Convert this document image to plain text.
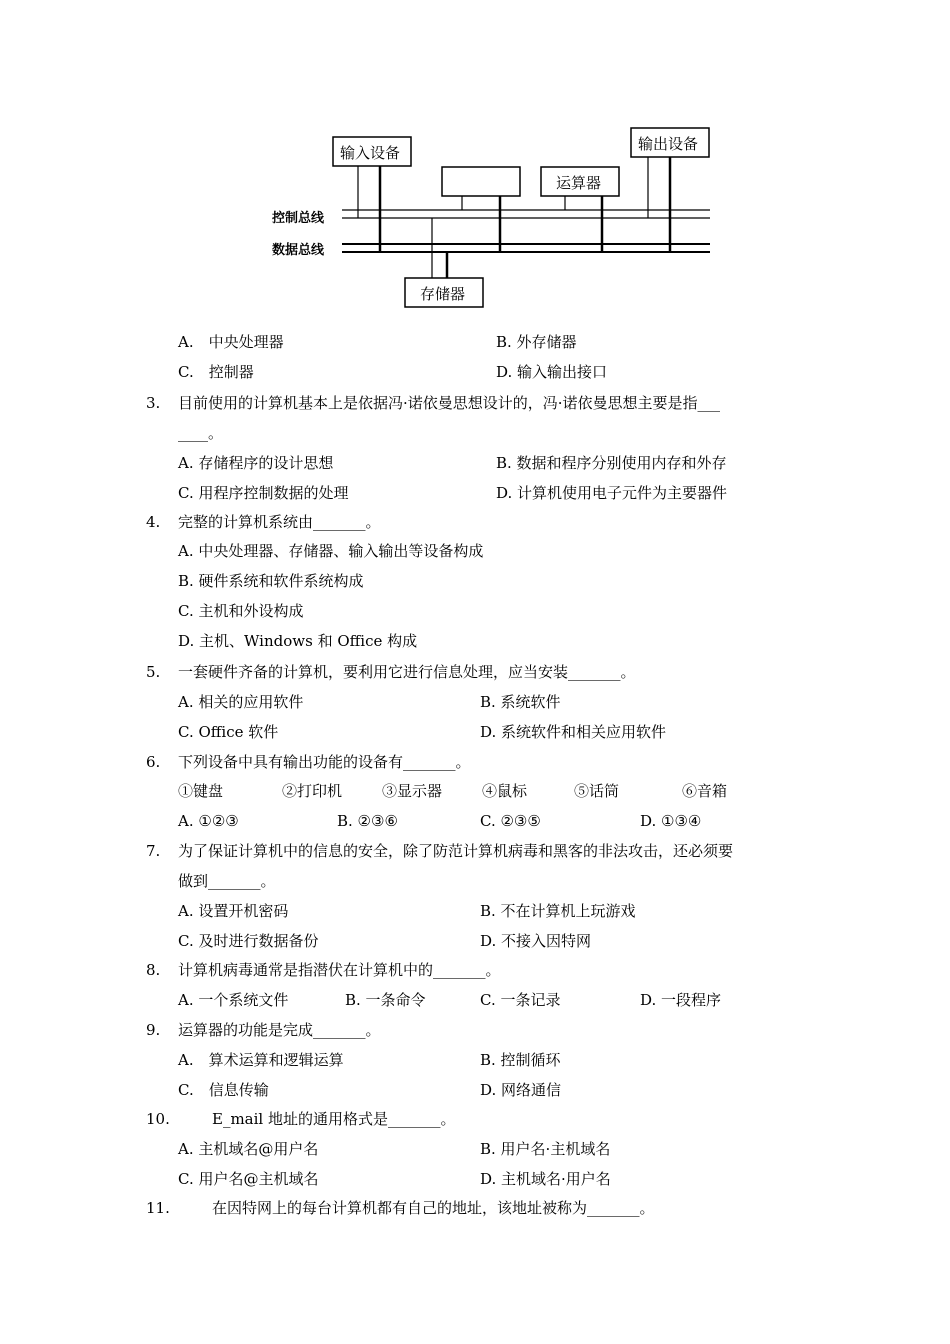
控制总线
数据总线
输入设备
运算器
输出设备
存储器
A.　中央处理器	B. 外存储器
C.　控制器	D. 输入输出接口
3. 目前使用的计算机基本上是依据冯·诺依曼思想设计的，冯·诺依曼思想主要是指___
____。
A. 存储程序的设计思想	B. 数据和程序分别使用内存和外存
C. 用程序控制数据的处理	D. 计算机使用电子元件为主要器件
4. 完整的计算机系统由_______。
A. 中央处理器、存储器、输入输出等设备构成
B. 硬件系统和软件系统构成
C. 主机和外设构成
D. 主机、Windows 和 Office 构成
5. 一套硬件齐备的计算机，要利用它进行信息处理，应当安装_______。
A. 相关的应用软件	B. 系统软件
C. Office 软件	D. 系统软件和相关应用软件
6. 下列设备中具有输出功能的设备有_______。
①键盘	②打印机	③显示器	④鼠标	⑤话筒	⑥音箱
A. ①②③	B. ②③⑥	C. ②③⑤	D. ①③④
7. 为了保证计算机中的信息的安全，除了防范计算机病毒和黑客的非法攻击，还必须要
做到_______。
A. 设置开机密码	B. 不在计算机上玩游戏
C. 及时进行数据备份	D. 不接入因特网
8. 计算机病毒通常是指潜伏在计算机中的_______。
A. 一个系统文件	B. 一条命令	C. 一条记录	D. 一段程序
9. 运算器的功能是完成_______。
A.　算术运算和逻辑运算	B. 控制循环
C.　信息传输	D. 网络通信
10.	E_mail 地址的通用格式是_______。
A. 主机域名@用户名	B. 用户名·主机域名
C. 用户名@主机域名	D. 主机域名·用户名
11.	在因特网上的每台计算机都有自己的地址，该地址被称为_______。
